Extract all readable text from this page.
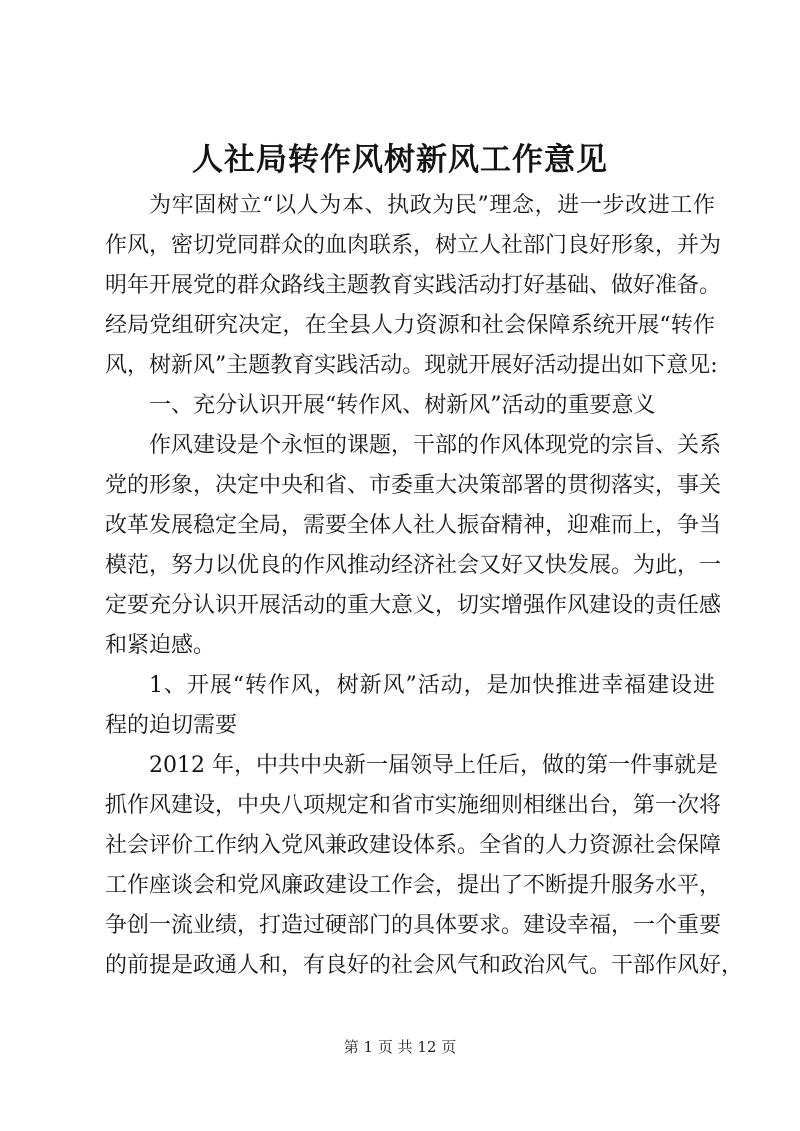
人社局转作风树新风工作意见
为牢固树立“以人为本、执政为民”理念，进一步改进工作
作风，密切党同群众的血肉联系，树立人社部门良好形象，并为
明年开展党的群众路线主题教育实践活动打好基础、做好准备。
经局党组研究决定，在全县人力资源和社会保障系统开展“转作
风，树新风”主题教育实践活动。现就开展好活动提出如下意见:
一、充分认识开展“转作风、树新风”活动的重要意义
作风建设是个永恒的课题，干部的作风体现党的宗旨、关系
党的形象，决定中央和省、市委重大决策部署的贯彻落实，事关
改革发展稳定全局，需要全体人社人振奋精神，迎难而上，争当
模范，努力以优良的作风推动经济社会又好又快发展。为此，一
定要充分认识开展活动的重大意义，切实增强作风建设的责任感
和紧迫感。
1、开展“转作风，树新风”活动，是加快推进幸福建设进
程的迫切需要
2012 年，中共中央新一届领导上任后，做的第一件事就是
抓作风建设，中央八项规定和省市实施细则相继出台，第一次将
社会评价工作纳入党风兼政建设体系。全省的人力资源社会保障
工作座谈会和党风廉政建设工作会，提出了不断提升服务水平，
争创一流业绩，打造过硬部门的具体要求。建设幸福，一个重要
的前提是政通人和，有良好的社会风气和政治风气。干部作风好，
第 1 页 共 12 页
